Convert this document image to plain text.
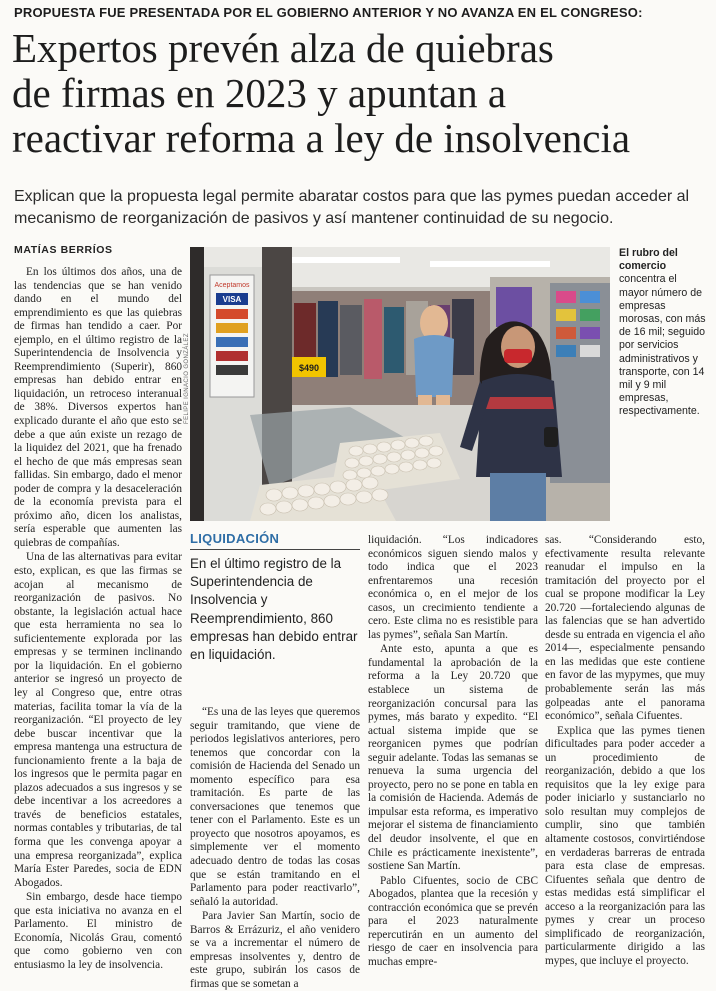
PROPUESTA FUE PRESENTADA POR EL GOBIERNO ANTERIOR Y NO AVANZA EN EL CONGRESO:
Expertos prevén alza de quiebras
de firmas en 2023 y apuntan a
reactivar reforma a ley de insolvencia
Explican que la propuesta legal permite abaratar costos para que las pymes puedan acceder al mecanismo de reorganización de pasivos y así mantener continuidad de su negocio.
MATÍAS BERRÍOS

En los últimos dos años, una de las tendencias que se han venido dando en el mundo del emprendimiento es que las quiebras de firmas han tendido a caer. Por ejemplo, en el último registro de la Superintendencia de Insolvencia y Reemprendimiento (Superir), 860 empresas han debido entrar en liquidación, un retroceso interanual de 38%. Diversos expertos han explicado durante el año que esto se debe a que aún existe un rezago de la liquidez del 2021, que ha frenado el hecho de que más empresas sean fallidas. Sin embargo, dado el menor poder de compra y la desaceleración de la economía prevista para el próximo año, dicen los analistas, sería esperable que aumenten las quiebras de compañías.

Una de las alternativas para evitar esto, explican, es que las firmas se acojan al mecanismo de reorganización de pasivos. No obstante, la legislación actual hace que esta herramienta no sea lo suficientemente explorada por las empresas y se terminen inclinando por la liquidación. En el gobierno anterior se ingresó un proyecto de ley al Congreso que, entre otras materias, facilita tomar la vía de la reorganización. “El proyecto de ley debe buscar incentivar que la empresa mantenga una estructura de funcionamiento frente a la baja de los ingresos que le permita pagar en plazos adecuados a sus ingresos y se debe incentivar a los acreedores a través de beneficios estatales, normas contables y tributarias, de tal forma que les convenga apoyar a una empresa reorganizada”, explica María Ester Paredes, socia de EDN Abogados.

Sin embargo, desde hace tiempo que esta iniciativa no avanza en el Parlamento. El ministro de Economía, Nicolás Grau, comentó que como gobierno ven con entusiasmo la ley de insolvencia.

Aceptamos
VISA
$490
FELIPE IGNACIO GONZÁLEZ
El rubro del comercio concentra el mayor número de empresas morosas, con más de 16 mil; seguido por servicios administrativos y transporte, con 14 mil y 9 mil empresas, respectivamente.
LIQUIDACIÓN
En el último registro de la Superintendencia de Insolvencia y Reemprendimiento, 860 empresas han debido entrar en liquidación.

“Es una de las leyes que queremos seguir tramitando, que viene de periodos legislativos anteriores, pero tenemos que concordar con la comisión de Hacienda del Senado un momento específico para esa tramitación. Es parte de las conversaciones que tenemos que tener con el Parlamento. Este es un proyecto que nosotros apoyamos, es simplemente ver el momento adecuado dentro de todas las cosas que se están tramitando en el Parlamento para poder reactivarlo”, señaló la autoridad.

Para Javier San Martín, socio de Barros & Errázuriz, el año venidero se va a incrementar el número de empresas insolventes y, dentro de este grupo, subirán los casos de firmas que se sometan a

liquidación. “Los indicadores económicos siguen siendo malos y todo indica que el 2023 enfrentaremos una recesión económica o, en el mejor de los casos, un crecimiento tendiente a cero. Este clima no es resistible para las pymes”, señala San Martín.

Ante esto, apunta a que es fundamental la aprobación de la reforma a la Ley 20.720 que establece un sistema de reorganización concursal para las pymes, más barato y expedito. “El actual sistema impide que se reorganicen pymes que podrían seguir adelante. Todas las semanas se renueva la suma urgencia del proyecto, pero no se pone en tabla en la comisión de Hacienda. Además de impulsar esta reforma, es imperativo mejorar el sistema de financiamiento del deudor insolvente, el que en Chile es prácticamente inexistente”, sostiene San Martín.

Pablo Cifuentes, socio de CBC Abogados, plantea que la recesión y contracción económica que se prevén para el 2023 naturalmente repercutirán en un aumento del riesgo de caer en insolvencia para muchas empre-

sas. “Considerando esto, efectivamente resulta relevante reanudar el impulso en la tramitación del proyecto por el cual se propone modificar la Ley 20.720 —fortaleciendo algunas de las falencias que se han advertido desde su entrada en vigencia el año 2014—, especialmente pensando en las medidas que este contiene en favor de las mypymes, que muy probablemente serán las más golpeadas ante el panorama económico”, señala Cifuentes.

Explica que las pymes tienen dificultades para poder acceder a un procedimiento de reorganización, debido a que los requisitos que la ley exige para poder iniciarlo y sustanciarlo no solo resultan muy complejos de cumplir, sino que también altamente costosos, convirtiéndose en verdaderas barreras de entrada para esta clase de empresas. Cifuentes señala que dentro de estas medidas está simplificar el acceso a la reorganización para las pymes y crear un proceso simplificado de reorganización, particularmente dirigido a las mypes, que incluye el proyecto.
